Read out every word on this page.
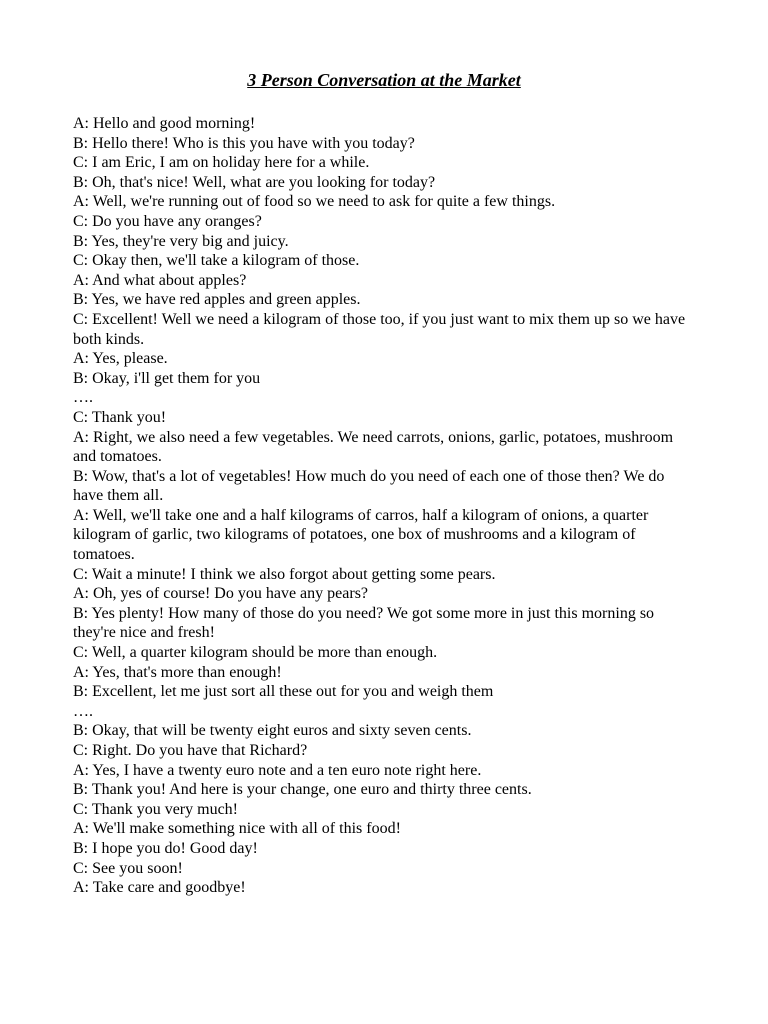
3 Person Conversation at the Market
A: Hello and good morning!
B: Hello there! Who is this you have with you today?
C: I am Eric, I am on holiday here for a while.
B: Oh, that's nice! Well, what are you looking for today?
A: Well, we're running out of food so we need to ask for quite a few things.
C: Do you have any oranges?
B: Yes, they're very big and juicy.
C: Okay then, we'll take a kilogram of those.
A: And what about apples?
B: Yes, we have red apples and green apples.
C: Excellent! Well we need a kilogram of those too, if you just want to mix them up so we have both kinds.
A: Yes, please.
B: Okay, i'll get them for you
….
C: Thank you!
A: Right, we also need a few vegetables. We need carrots, onions, garlic, potatoes, mushroom and tomatoes.
B: Wow, that's a lot of vegetables! How much do you need of each one of those then? We do have them all.
A: Well, we'll take one and a half kilograms of carros, half a kilogram of onions, a quarter kilogram of garlic, two kilograms of potatoes, one box of mushrooms and a kilogram of tomatoes.
C: Wait a minute! I think we also forgot about getting some pears.
A: Oh, yes of course! Do you have any pears?
B: Yes plenty! How many of those do you need? We got some more in just this morning so they're nice and fresh!
C: Well, a quarter kilogram should be more than enough.
A: Yes, that's more than enough!
B: Excellent, let me just sort all these out for you and weigh them
….
B: Okay, that will be twenty eight euros and sixty seven cents.
C: Right. Do you have that Richard?
A: Yes, I have a twenty euro note and a ten euro note right here.
B: Thank you! And here is your change, one euro and thirty three cents.
C: Thank you very much!
A: We'll make something nice with all of this food!
B: I hope you do! Good day!
C: See you soon!
A: Take care and goodbye!
